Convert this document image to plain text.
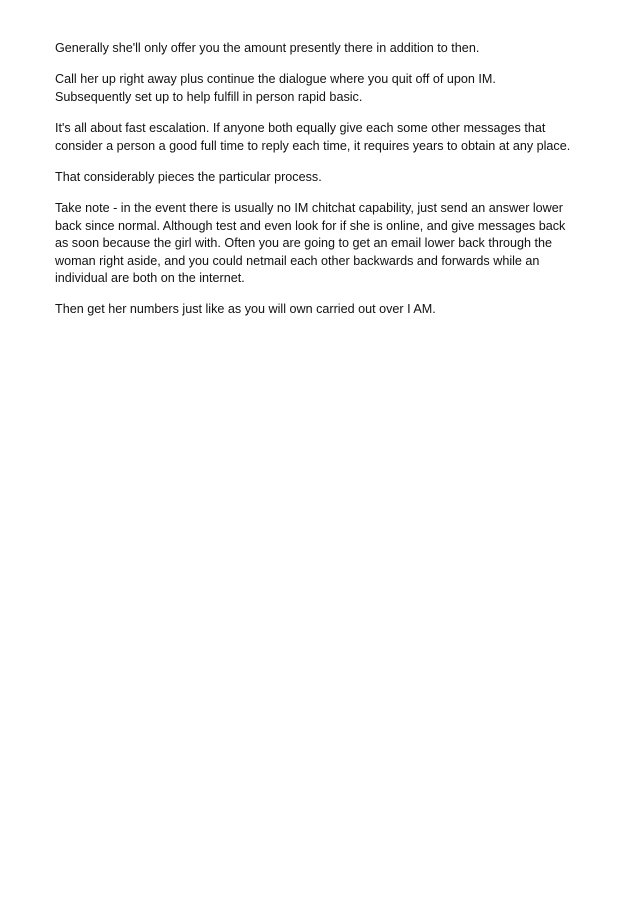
Generally she'll only offer you the amount presently there in addition to then.

Call her up right away plus continue the dialogue where you quit off of upon IM.
Subsequently set up to help fulfill in person rapid basic.

It's all about fast escalation. If anyone both equally give each some other messages that
consider a person a good full time to reply each time, it requires years to obtain at any place.

That considerably pieces the particular process.

Take note - in the event there is usually no IM chitchat capability, just send an answer lower
back since normal. Although test and even look for if she is online, and give messages back
as soon because the girl with. Often you are going to get an email lower back through the
woman right aside, and you could netmail each other backwards and forwards while an
individual are both on the internet.

Then get her numbers just like as you will own carried out over I AM.
